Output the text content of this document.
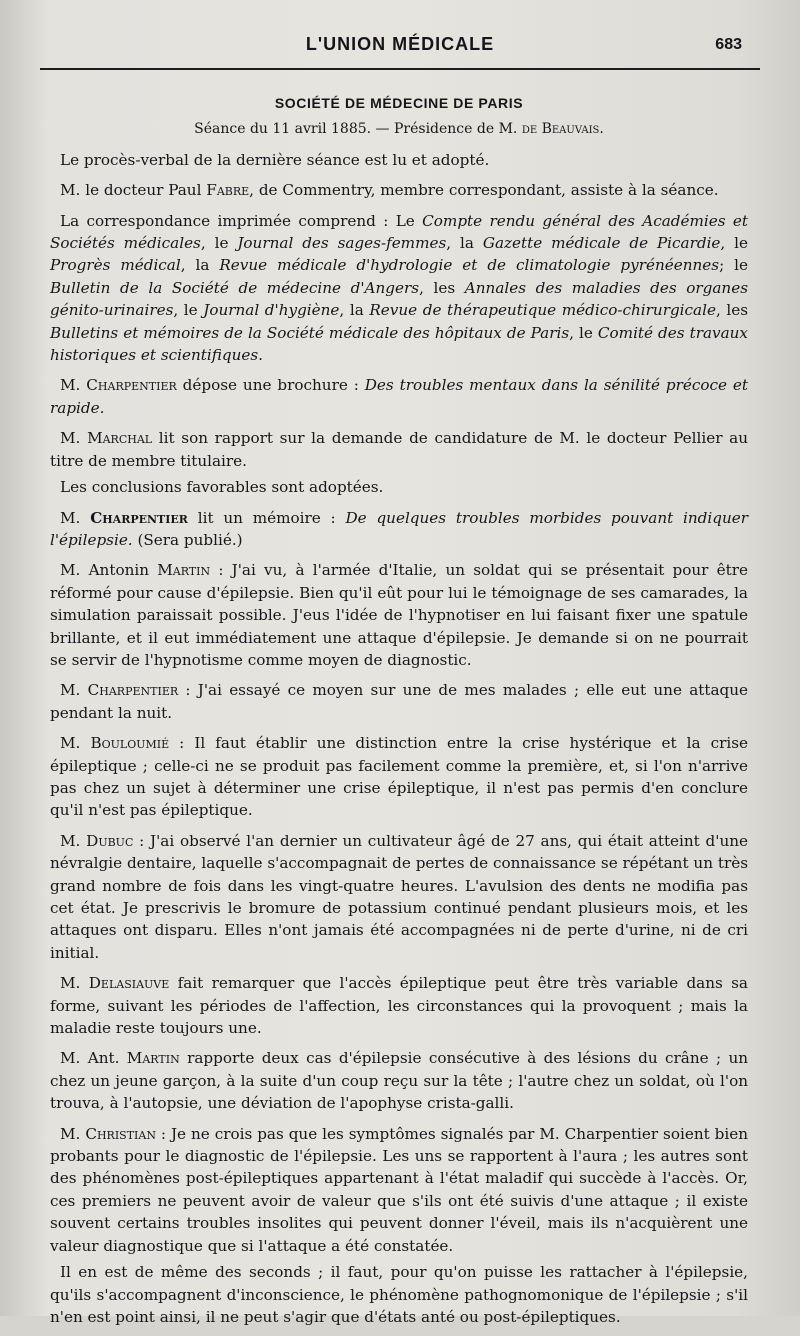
L'UNION MÉDICALE	683
SOCIÉTÉ DE MÉDECINE DE PARIS
Séance du 11 avril 1885. — Présidence de M. de Beauvais.

Le procès-verbal de la dernière séance est lu et adopté.

M. le docteur Paul Fabre, de Commentry, membre correspondant, assiste à la séance.

La correspondance imprimée comprend : Le Compte rendu général des Académies et Sociétés médicales, le Journal des sages-femmes, la Gazette médicale de Picardie, le Progrès médical, la Revue médicale d'hydrologie et de climatologie pyrénéennes; le Bulletin de la Société de médecine d'Angers, les Annales des maladies des organes génito-urinaires, le Journal d'hygiène, la Revue de thérapeutique médico-chirurgicale, les Bulletins et mémoires de la Société médicale des hôpitaux de Paris, le Comité des travaux historiques et scientifiques.

M. Charpentier dépose une brochure : Des troubles mentaux dans la sénilité précoce et rapide.

M. Marchal lit son rapport sur la demande de candidature de M. le docteur Pellier au titre de membre titulaire.

Les conclusions favorables sont adoptées.

M. Charpentier lit un mémoire : De quelques troubles morbides pouvant indiquer l'épilepsie. (Sera publié.)

M. Antonin Martin : J'ai vu, à l'armée d'Italie, un soldat qui se présentait pour être réformé pour cause d'épilepsie. Bien qu'il eût pour lui le témoignage de ses camarades, la simulation paraissait possible. J'eus l'idée de l'hypnotiser en lui faisant fixer une spatule brillante, et il eut immédiatement une attaque d'épilepsie. Je demande si on ne pourrait se servir de l'hypnotisme comme moyen de diagnostic.

M. Charpentier : J'ai essayé ce moyen sur une de mes malades ; elle eut une attaque pendant la nuit.

M. Bouloumié : Il faut établir une distinction entre la crise hystérique et la crise épileptique ; celle-ci ne se produit pas facilement comme la première, et, si l'on n'arrive pas chez un sujet à déterminer une crise épileptique, il n'est pas permis d'en conclure qu'il n'est pas épileptique.

M. Dubuc : J'ai observé l'an dernier un cultivateur âgé de 27 ans, qui était atteint d'une névralgie dentaire, laquelle s'accompagnait de pertes de connaissance se répétant un très grand nombre de fois dans les vingt-quatre heures. L'avulsion des dents ne modifia pas cet état. Je prescrivis le bromure de potassium continué pendant plusieurs mois, et les attaques ont disparu. Elles n'ont jamais été accompagnées ni de perte d'urine, ni de cri initial.

M. Delasiauve fait remarquer que l'accès épileptique peut être très variable dans sa forme, suivant les périodes de l'affection, les circonstances qui la provoquent ; mais la maladie reste toujours une.

M. Ant. Martin rapporte deux cas d'épilepsie consécutive à des lésions du crâne ; un chez un jeune garçon, à la suite d'un coup reçu sur la tête ; l'autre chez un soldat, où l'on trouva, à l'autopsie, une déviation de l'apophyse crista-galli.

M. Christian : Je ne crois pas que les symptômes signalés par M. Charpentier soient bien probants pour le diagnostic de l'épilepsie. Les uns se rapportent à l'aura ; les autres sont des phénomènes post-épileptiques appartenant à l'état maladif qui succède à l'accès. Or, ces premiers ne peuvent avoir de valeur que s'ils ont été suivis d'une attaque ; il existe souvent certains troubles insolites qui peuvent donner l'éveil, mais ils n'acquièrent une valeur diagnostique que si l'attaque a été constatée.

Il en est de même des seconds ; il faut, pour qu'on puisse les rattacher à l'épilepsie, qu'ils s'accompagnent d'inconscience, le phénomène pathognomonique de l'épilepsie ; s'il n'en est point ainsi, il ne peut s'agir que d'états anté ou post-épileptiques.
